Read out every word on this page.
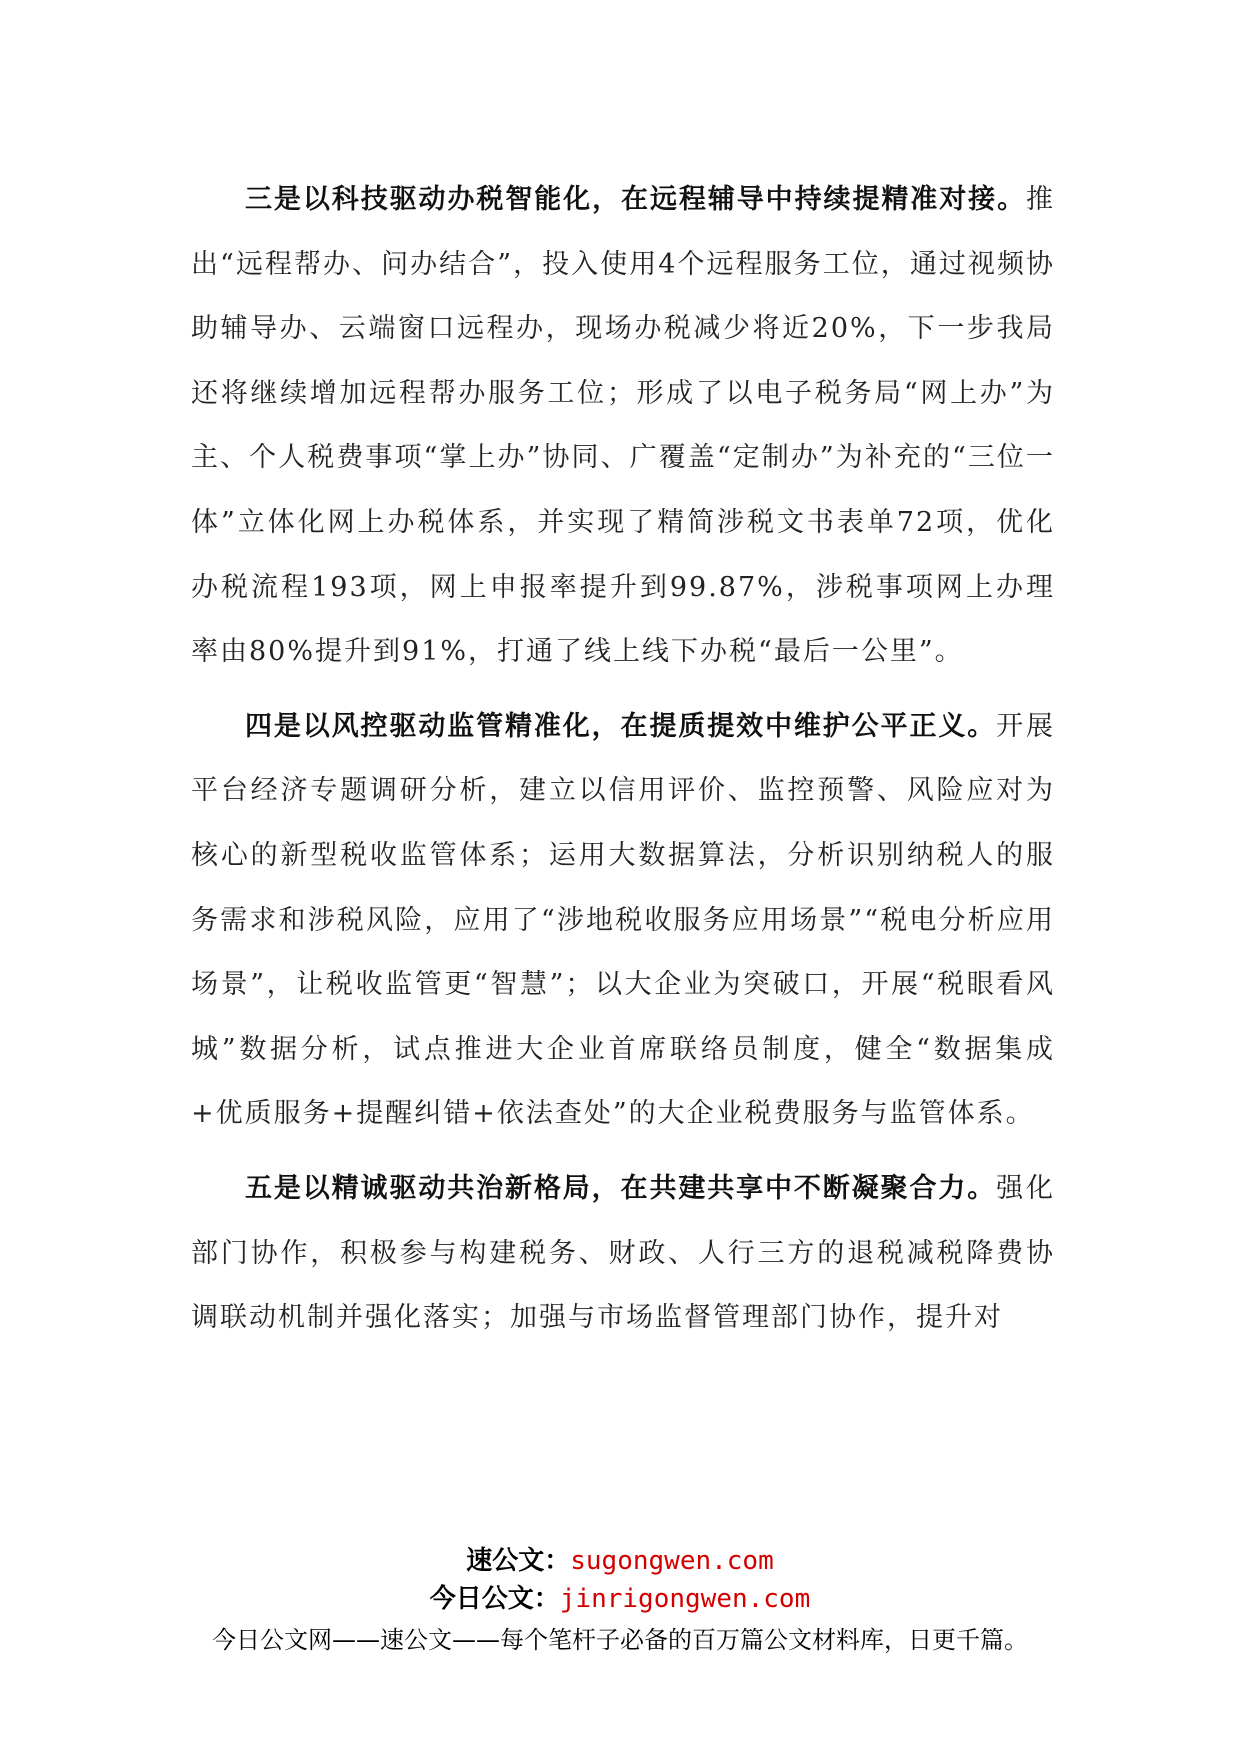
三是以科技驱动办税智能化，在远程辅导中持续提精准对接。推出“远程帮办、问办结合”，投入使用4个远程服务工位，通过视频协助辅导办、云端窗口远程办，现场办税减少将近20%，下一步我局还将继续增加远程帮办服务工位；形成了以电子税务局“网上办”为主、个人税费事项“掌上办”协同、广覆盖“定制办”为补充的“三位一体”立体化网上办税体系，并实现了精简涉税文书表单72项，优化办税流程193项，网上申报率提升到99.87%，涉税事项网上办理率由80%提升到91%，打通了线上线下办税“最后一公里”。

四是以风控驱动监管精准化，在提质提效中维护公平正义。开展平台经济专题调研分析，建立以信用评价、监控预警、风险应对为核心的新型税收监管体系；运用大数据算法，分析识别纳税人的服务需求和涉税风险，应用了“涉地税收服务应用场景”“税电分析应用场景”，让税收监管更“智慧”；以大企业为突破口，开展“税眼看风城”数据分析，试点推进大企业首席联络员制度，健全“数据集成+优质服务+提醒纠错+依法查处”的大企业税费服务与监管体系。

五是以精诚驱动共治新格局，在共建共享中不断凝聚合力。强化部门协作，积极参与构建税务、财政、人行三方的退税减税降费协调联动机制并强化落实；加强与市场监督管理部门协作，提升对

速公文：sugongwen.com

今日公文：jinrigongwen.com

今日公文网——速公文——每个笔杆子必备的百万篇公文材料库，日更千篇。
